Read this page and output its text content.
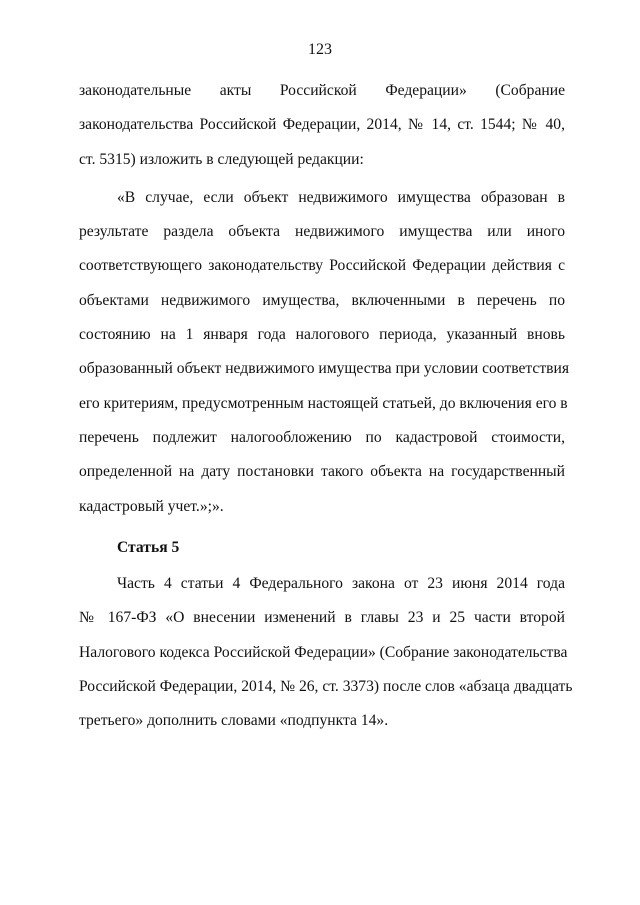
123
законодательные акты Российской Федерации» (Собрание
законодательства Российской Федерации, 2014, № 14, ст. 1544; № 40,
ст. 5315) изложить в следующей редакции:
«В случае, если объект недвижимого имущества образован в
результате раздела объекта недвижимого имущества или иного
соответствующего законодательству Российской Федерации действия с
объектами недвижимого имущества, включенными в перечень по
состоянию на 1 января года налогового периода, указанный вновь
образованный объект недвижимого имущества при условии соответствия
его критериям, предусмотренным настоящей статьей, до включения его в
перечень подлежит налогообложению по кадастровой стоимости,
определенной на дату постановки такого объекта на государственный
кадастровый учет.»;».
Статья 5
Часть 4 статьи 4 Федерального закона от 23 июня 2014 года
№ 167-ФЗ «О внесении изменений в главы 23 и 25 части второй
Налогового кодекса Российской Федерации» (Собрание законодательства
Российской Федерации, 2014, № 26, ст. 3373) после слов «абзаца двадцать
третьего» дополнить словами «подпункта 14».
